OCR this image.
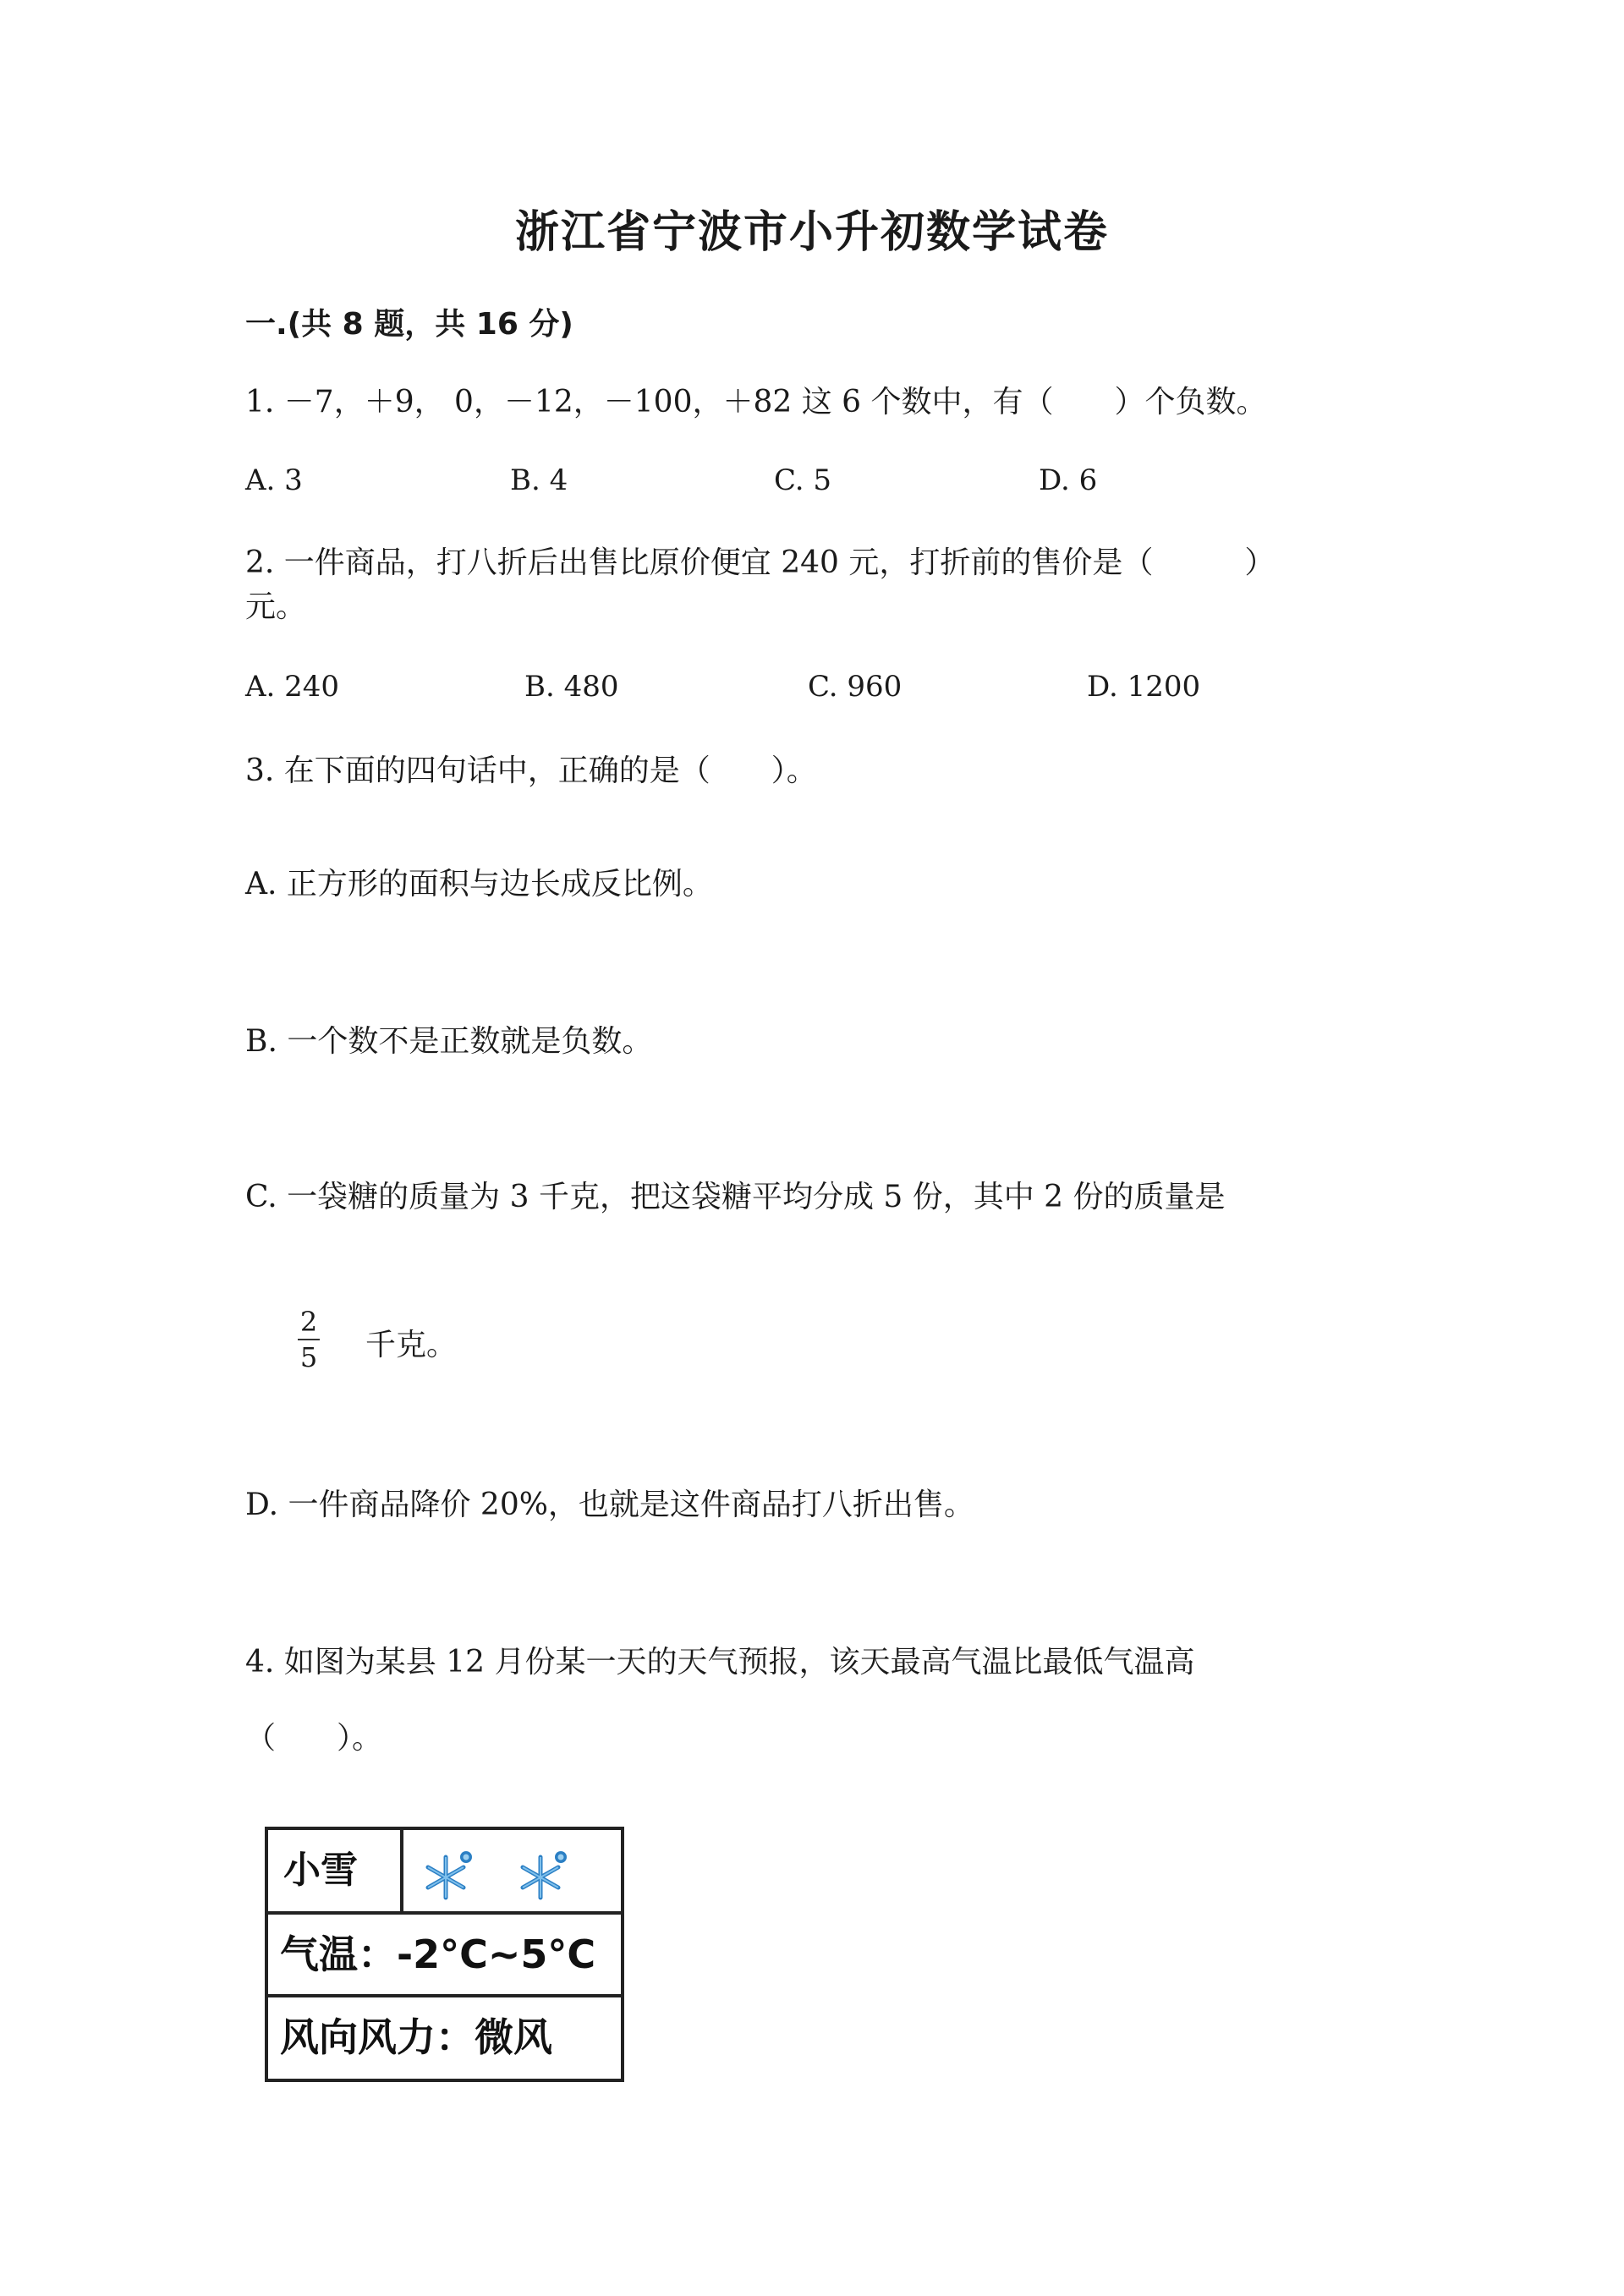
浙江省宁波市小升初数学试卷
一.(共 8 题，共 16 分)
1. －7，＋9， 0，－12，－100，＋82 这 6 个数中，有（　　）个负数。
A. 3	B. 4	C. 5	D. 6
2. 一件商品，打八折后出售比原价便宜 240 元，打折前的售价是（　　　）
元。
A. 240	B. 480	C. 960	D. 1200
3. 在下面的四句话中，正确的是（　　）。
A. 正方形的面积与边长成反比例。
B. 一个数不是正数就是负数。
C. 一袋糖的质量为 3 千克，把这袋糖平均分成 5 份，其中 2 份的质量是
2
5 千克。
D. 一件商品降价 20%，也就是这件商品打八折出售。
4. 如图为某县 12 月份某一天的天气预报，该天最高气温比最低气温高
（　　）。
小雪
气温：-2°C~5°C
风向风力：微风
